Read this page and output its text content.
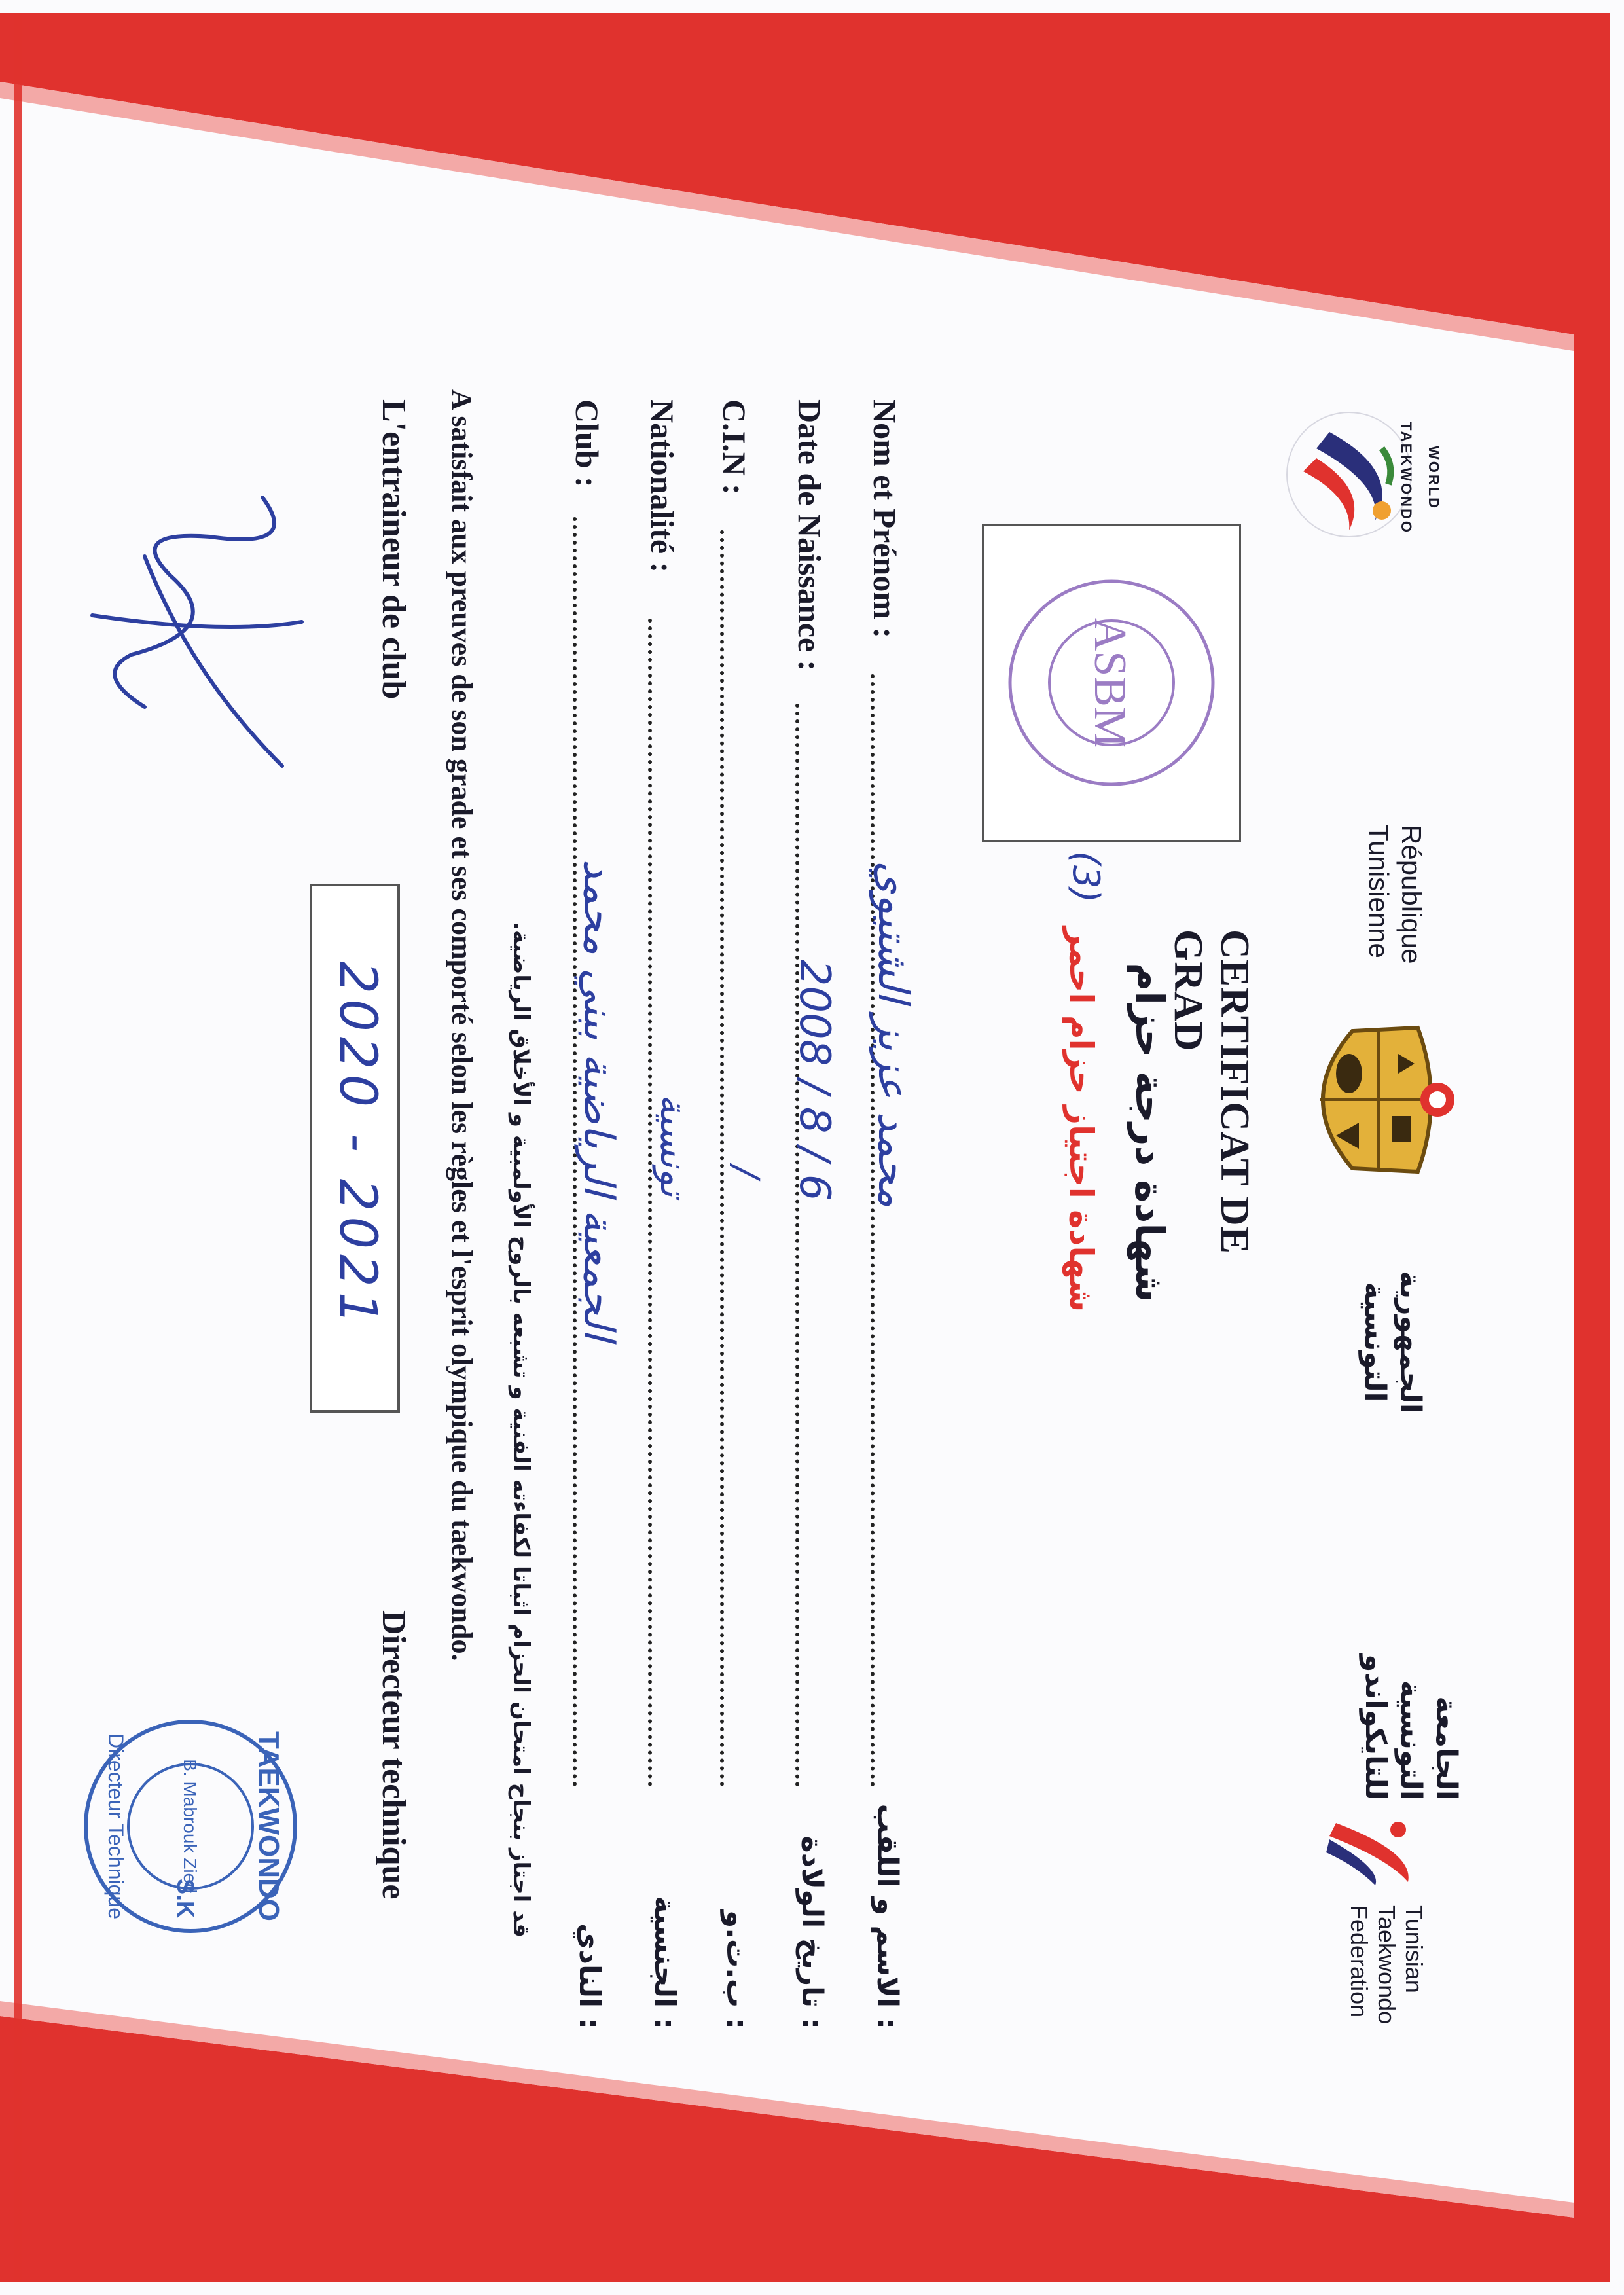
WORLD TAEKWONDO
République
Tunisienne
الجمهورية
التونسية
الجامعة
التونسية
للتايكواندو
Tunisian
Taekwondo
Federation
ASBM
CERTIFICAT DE GRAD
شهادة درجة حزام
شهادة اجتياز حزام احمر
(3)
Nom et Prénom :
محمد عزيز الشتيوي
: الاسم و اللقب
Date de Naissance :
2008 / 8 / 6
: تاريخ الولادة
C.I.N :
/
: ب.ت.و
Nationalité :
تونسية
: الجنسية
Club :
الجمعية الرياضية ببني محمد
: النادي
قد اجتاز بنجاح امتحان الحزام اثباتا لكفاءته الفنية و تشبعه بالروح الأولمبية و الأخلاق الرياضية.
A satisfait aux preuves de son grade et ses comporté selon les règles et l'esprit olympique du taekwondo.
L'entraineur de club
2020 - 2021
Directeur technique
TAEKWONDO
S.K
B. Mabrouk Zied
Directeur Technique
